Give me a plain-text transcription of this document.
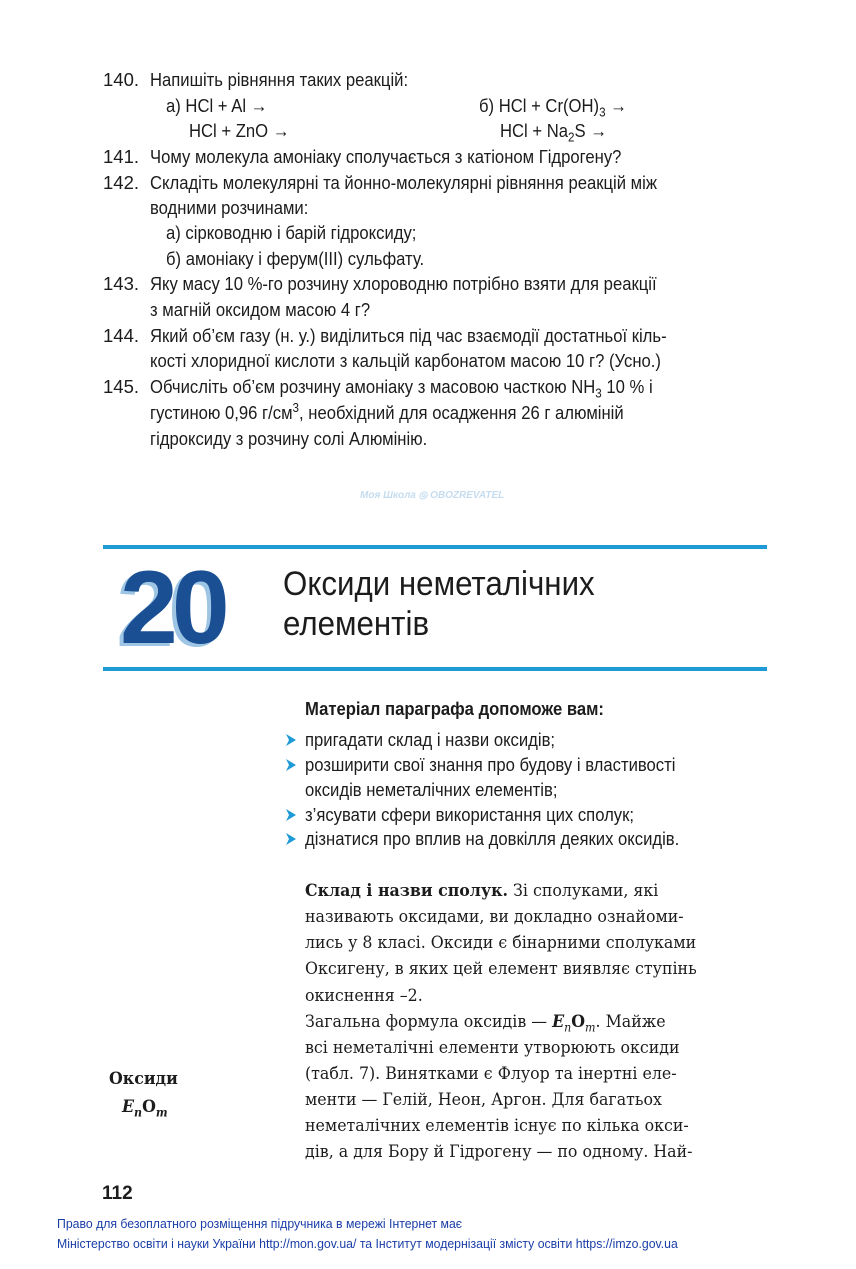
Моя Школа ◎ OBOZREVATEL
140. Напишіть рівняння таких реакцій:
а) HCl + Al →
HCl + ZnO →
б) HCl + $Cr(OH)_3$ →
HCl + $Na_2S$ →
141. Чому молекула амоніаку сполучається з катіоном Гідрогену?
142. Складіть молекулярні та йонно-молекулярні рівняння реакцій між
водними розчинами:
а) сірководню і барій гідроксиду;
б) амоніаку і ферум(ІІІ) сульфату.
143. Яку масу 10 %-го розчину хлороводню потрібно взяти для реакції
з магній оксидом масою 4 г?
144. Який об’єм газу (н. у.) виділиться під час взаємодії достатньої кіль-
кості хлоридної кислоти з кальцій карбонатом масою 10 г? (Усно.)
145. Обчисліть об’єм розчину амоніаку з масовою часткою $NH_3$ 10 % і
густиною 0,96 $г/см^3$, необхідний для осадження 26 г алюміній
гідроксиду з розчину солі Алюмінію.
20 Оксиди неметалічних
елементів
Матеріал параграфа допоможе вам:
пригадати склад і назви оксидів;
розширити свої знання про будову і властивості
оксидів неметалічних елементів;
з’ясувати сфери використання цих сполук;
дізнатися про вплив на довкілля деяких оксидів.
Склад і назви сполук. Зі сполуками, які
називають оксидами, ви докладно ознайоми-
лись у 8 класі. Оксиди є бінарними сполуками
Оксигену, в яких цей елемент виявляє ступінь
окиснення –2.
Загальна формула оксидів — $E_nO_m$. Майже
всі неметалічні елементи утворюють оксиди
(табл. 7). Винятками є Флуор та інертні еле-
менти — Гелій, Неон, Аргон. Для багатьох
неметалічних елементів існує по кілька окси-
дів, а для Бору й Гідрогену — по одному. Най-
Оксиди
$E_nO_m$
112
Право для безоплатного розміщення підручника в мережі Інтернет має
Міністерство освіти і науки України http://mon.gov.ua/ та Інститут модернізації змісту освіти https://imzo.gov.ua
